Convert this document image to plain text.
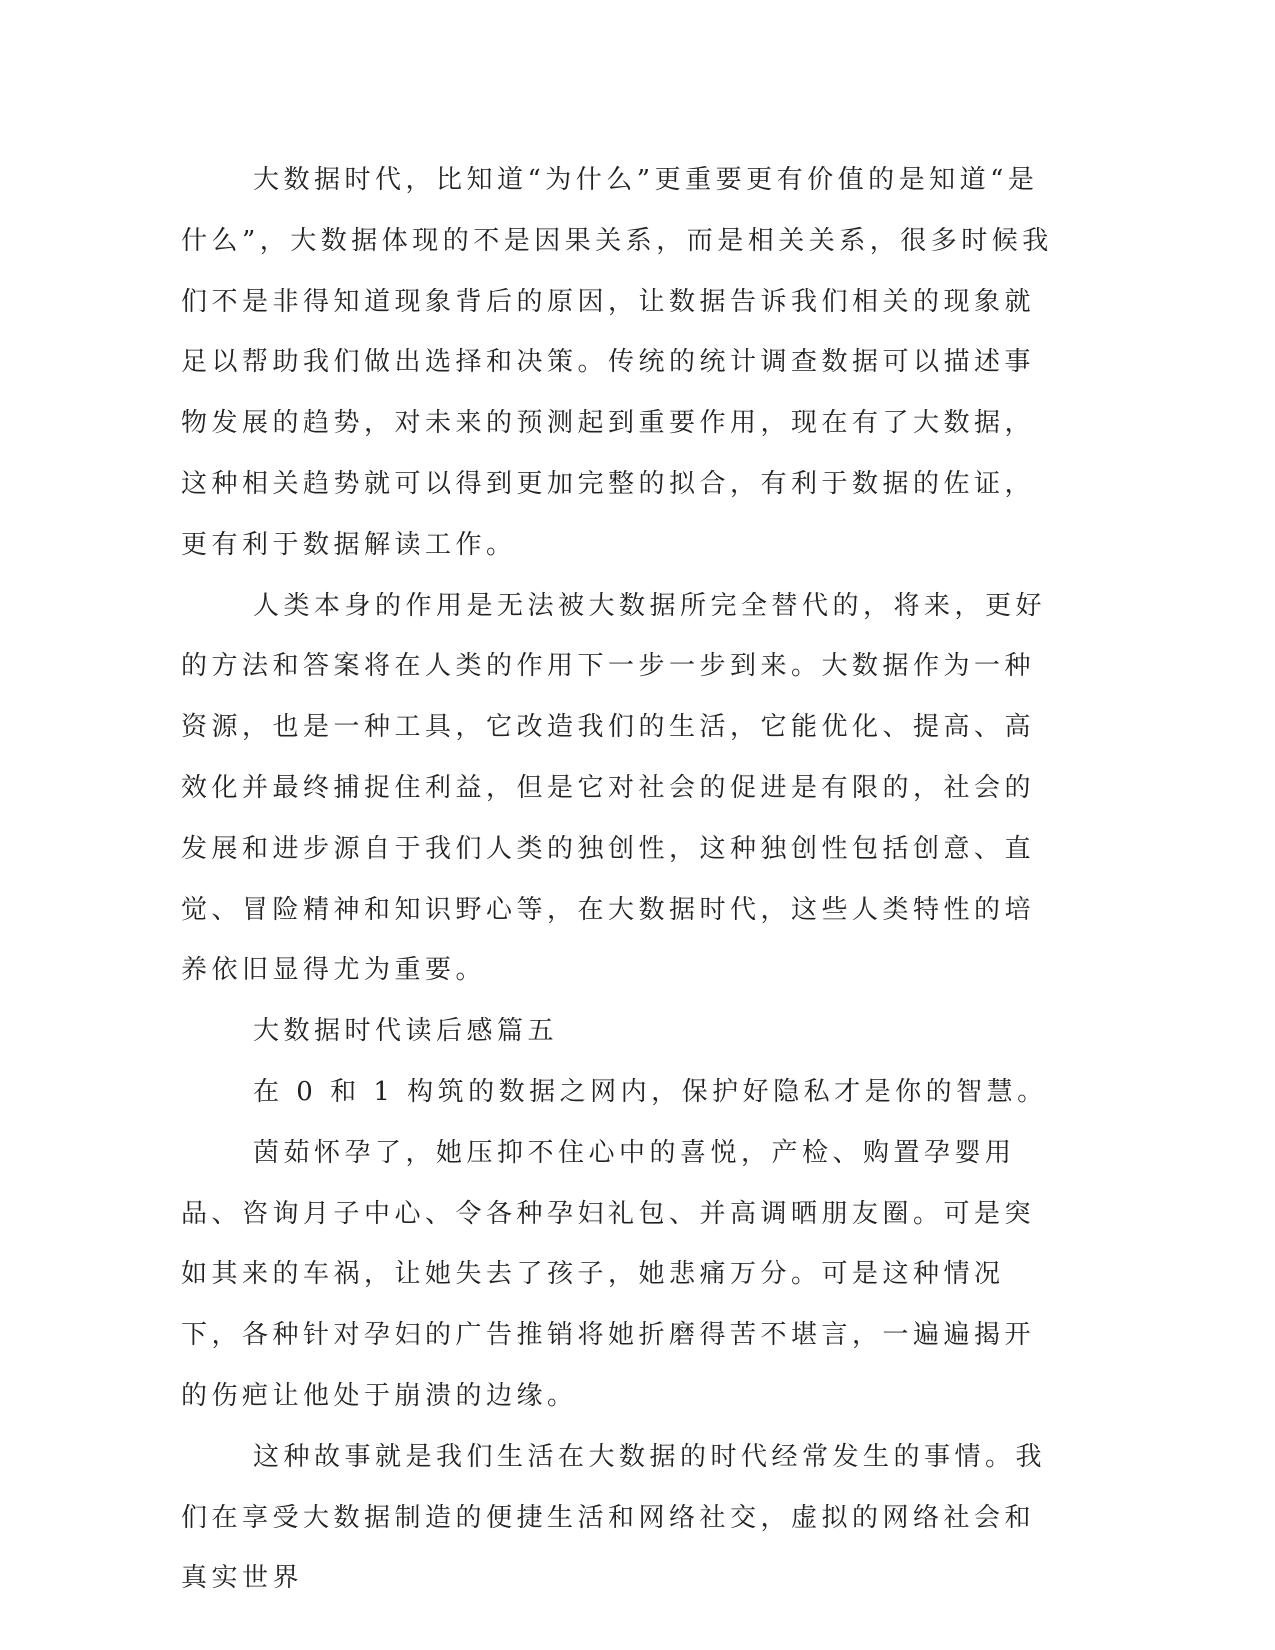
大数据时代，比知道“为什么”更重要更有价值的是知道“是什么”，大数据体现的不是因果关系，而是相关关系，很多时候我们不是非得知道现象背后的原因，让数据告诉我们相关的现象就足以帮助我们做出选择和决策。传统的统计调查数据可以描述事物发展的趋势，对未来的预测起到重要作用，现在有了大数据，这种相关趋势就可以得到更加完整的拟合，有利于数据的佐证，更有利于数据解读工作。

人类本身的作用是无法被大数据所完全替代的，将来，更好的方法和答案将在人类的作用下一步一步到来。大数据作为一种资源，也是一种工具，它改造我们的生活，它能优化、提高、高效化并最终捕捉住利益，但是它对社会的促进是有限的，社会的发展和进步源自于我们人类的独创性，这种独创性包括创意、直觉、冒险精神和知识野心等，在大数据时代，这些人类特性的培养依旧显得尤为重要。

大数据时代读后感篇五

在 0 和 1 构筑的数据之网内，保护好隐私才是你的智慧。

茵茹怀孕了，她压抑不住心中的喜悦，产检、购置孕婴用品、咨询月子中心、令各种孕妇礼包、并高调晒朋友圈。可是突如其来的车祸，让她失去了孩子，她悲痛万分。可是这种情况下，各种针对孕妇的广告推销将她折磨得苦不堪言，一遍遍揭开的伤疤让他处于崩溃的边缘。

这种故事就是我们生活在大数据的时代经常发生的事情。我们在享受大数据制造的便捷生活和网络社交，虚拟的网络社会和真实世界
